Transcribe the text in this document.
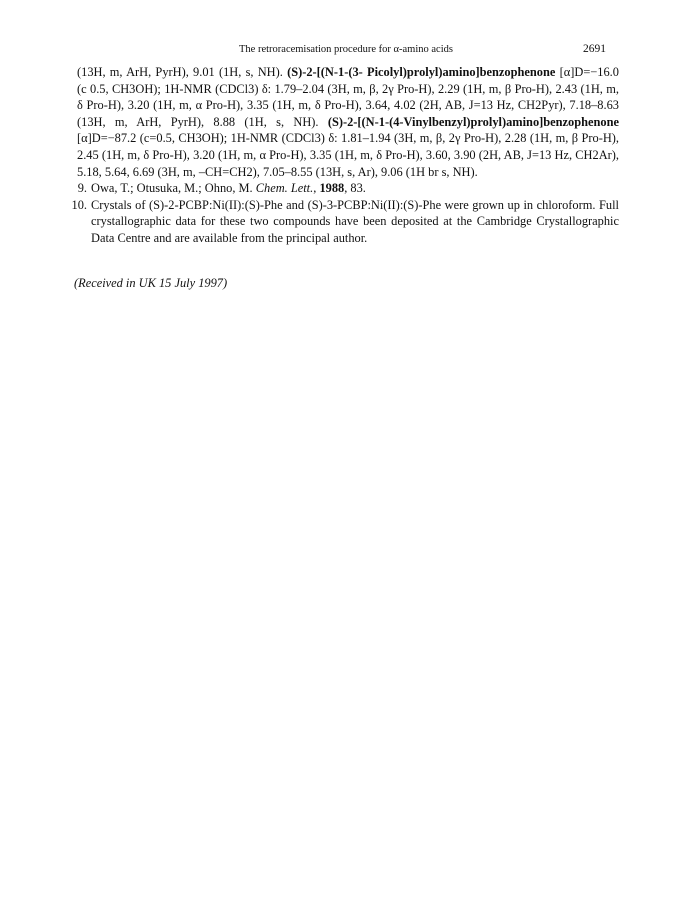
The retroracemisation procedure for α-amino acids	2691

(13H, m, ArH, PyrH), 9.01 (1H, s, NH). (S)-2-[(N-1-(3- Picolyl)prolyl)amino]benzophenone [α]D=−16.0 (c 0.5, CH3OH); 1H-NMR (CDCl3) δ: 1.79–2.04 (3H, m, β, 2γ Pro-H), 2.29 (1H, m, β Pro-H), 2.43 (1H, m, δ Pro-H), 3.20 (1H, m, α Pro-H), 3.35 (1H, m, δ Pro-H), 3.64, 4.02 (2H, AB, J=13 Hz, CH2Pyr), 7.18–8.63 (13H, m, ArH, PyrH), 8.88 (1H, s, NH). (S)-2-[(N-1-(4-Vinylbenzyl)prolyl)amino]benzophenone [α]D=−87.2 (c=0.5, CH3OH); 1H-NMR (CDCl3) δ: 1.81–1.94 (3H, m, β, 2γ Pro-H), 2.28 (1H, m, β Pro-H), 2.45 (1H, m, δ Pro-H), 3.20 (1H, m, α Pro-H), 3.35 (1H, m, δ Pro-H), 3.60, 3.90 (2H, AB, J=13 Hz, CH2Ar), 5.18, 5.64, 6.69 (3H, m, –CH=CH2), 7.05–8.55 (13H, s, Ar), 9.06 (1H br s, NH).

9. Owa, T.; Otusuka, M.; Ohno, M. Chem. Lett., 1988, 83.

10. Crystals of (S)-2-PCBP:Ni(II):(S)-Phe and (S)-3-PCBP:Ni(II):(S)-Phe were grown up in chloroform. Full crystallographic data for these two compounds have been deposited at the Cambridge Crystallographic Data Centre and are available from the principal author.

(Received in UK 15 July 1997)
